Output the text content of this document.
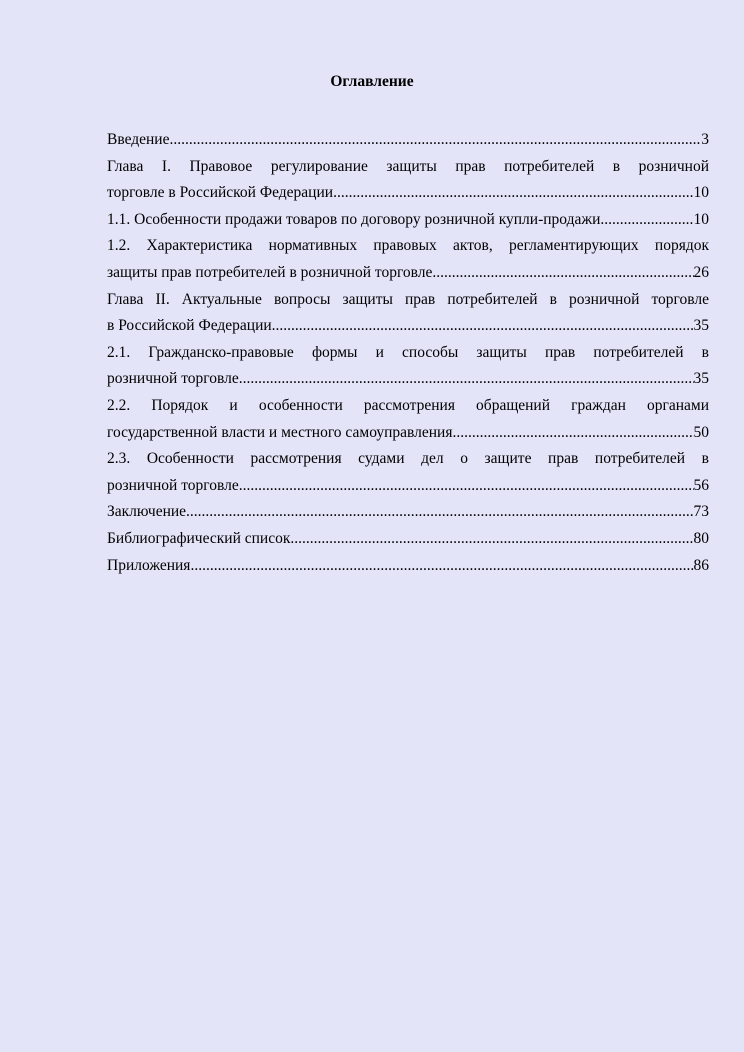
Оглавление
Введение .....	3
Глава I. Правовое регулирование защиты прав потребителей в розничной
торговле в Российской Федерации .....	10
1.1. Особенности продажи товаров по договору розничной купли-продажи .....	10
1.2. Характеристика нормативных правовых актов, регламентирующих порядок
защиты прав потребителей в розничной торговле .....	26
Глава II. Актуальные вопросы защиты прав потребителей в розничной торговле
в Российской Федерации .....	35
2.1. Гражданско-правовые формы и способы защиты прав потребителей в
розничной торговле .....	35
2.2. Порядок и особенности рассмотрения обращений граждан органами
государственной власти и местного самоуправления .....	50
2.3. Особенности рассмотрения судами дел о защите прав потребителей в
розничной торговле .....	56
Заключение .....	73
Библиографический список .....	80
Приложения .....	86
